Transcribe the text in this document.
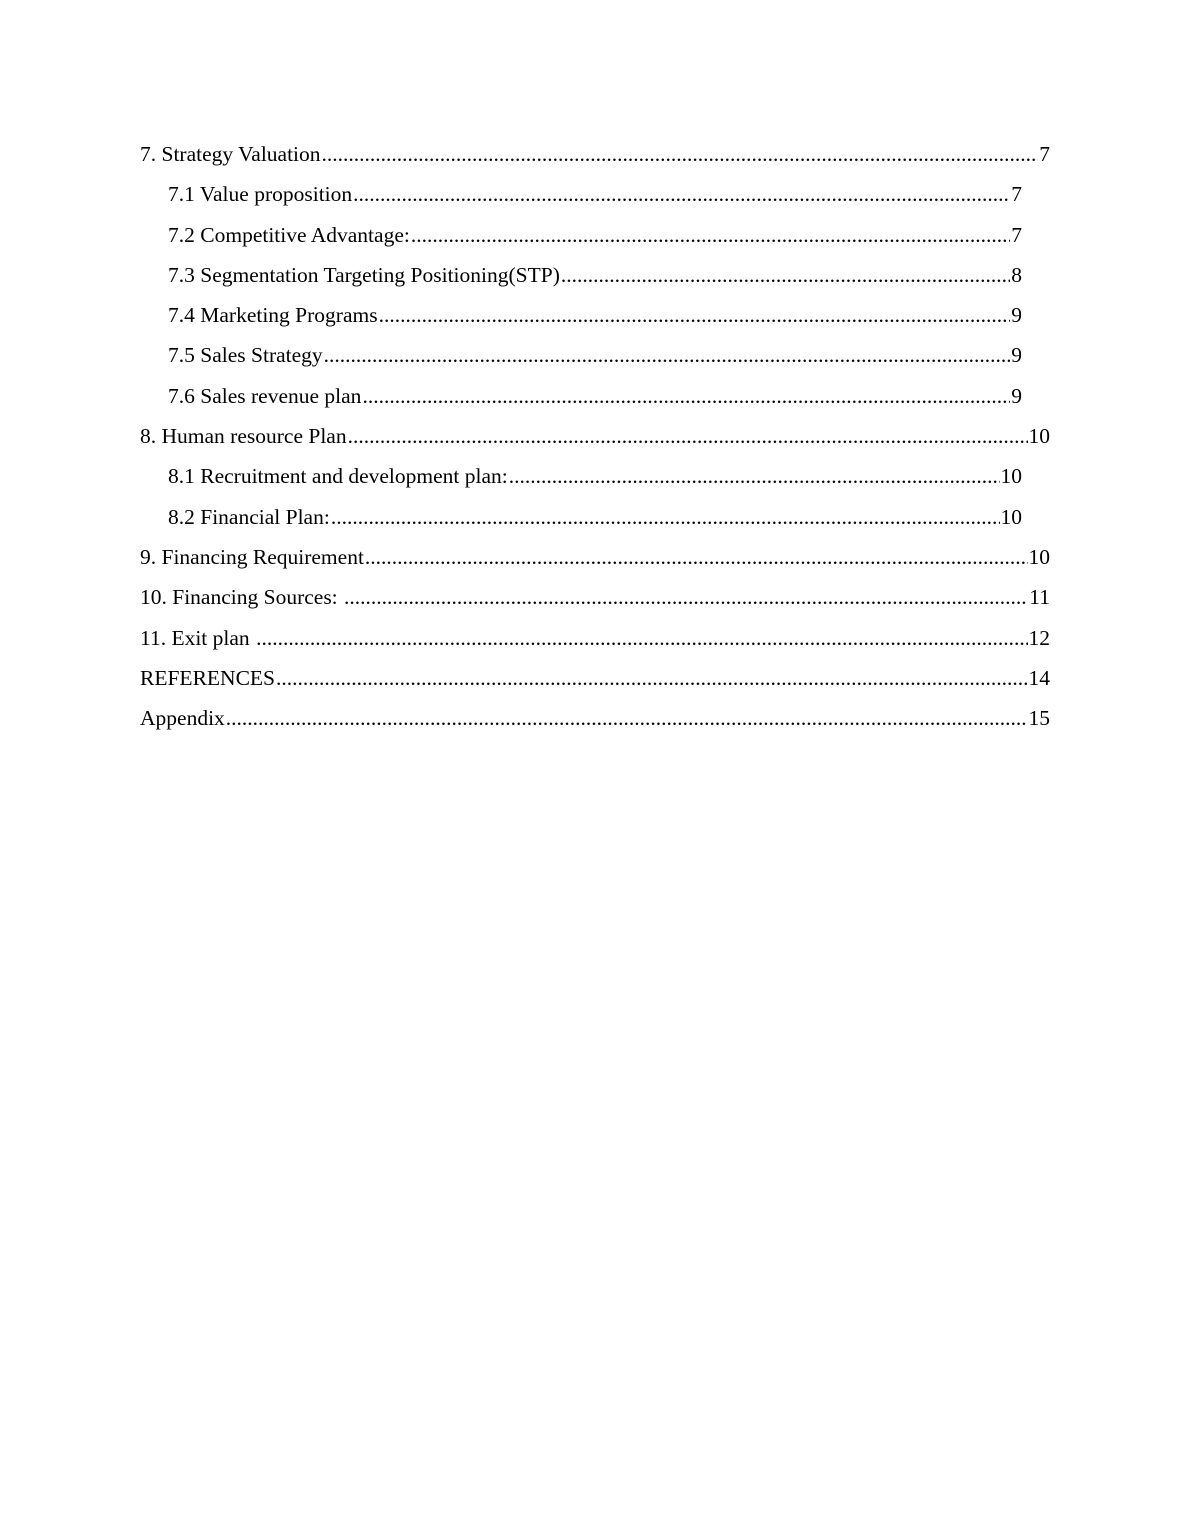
7. Strategy Valuation .....	7
7.1 Value proposition .....	7
7.2 Competitive Advantage: .....	7
7.3 Segmentation Targeting Positioning(STP) .....	8
7.4 Marketing Programs .....	9
7.5 Sales Strategy .....	9
7.6 Sales revenue plan .....	9
8. Human resource Plan .....	10
8.1 Recruitment and development plan: .....	10
8.2 Financial Plan: .....	10
9. Financing Requirement .....	10
10. Financing Sources: .....	11
11. Exit plan .....	12
REFERENCES .....	14
Appendix .....	15
